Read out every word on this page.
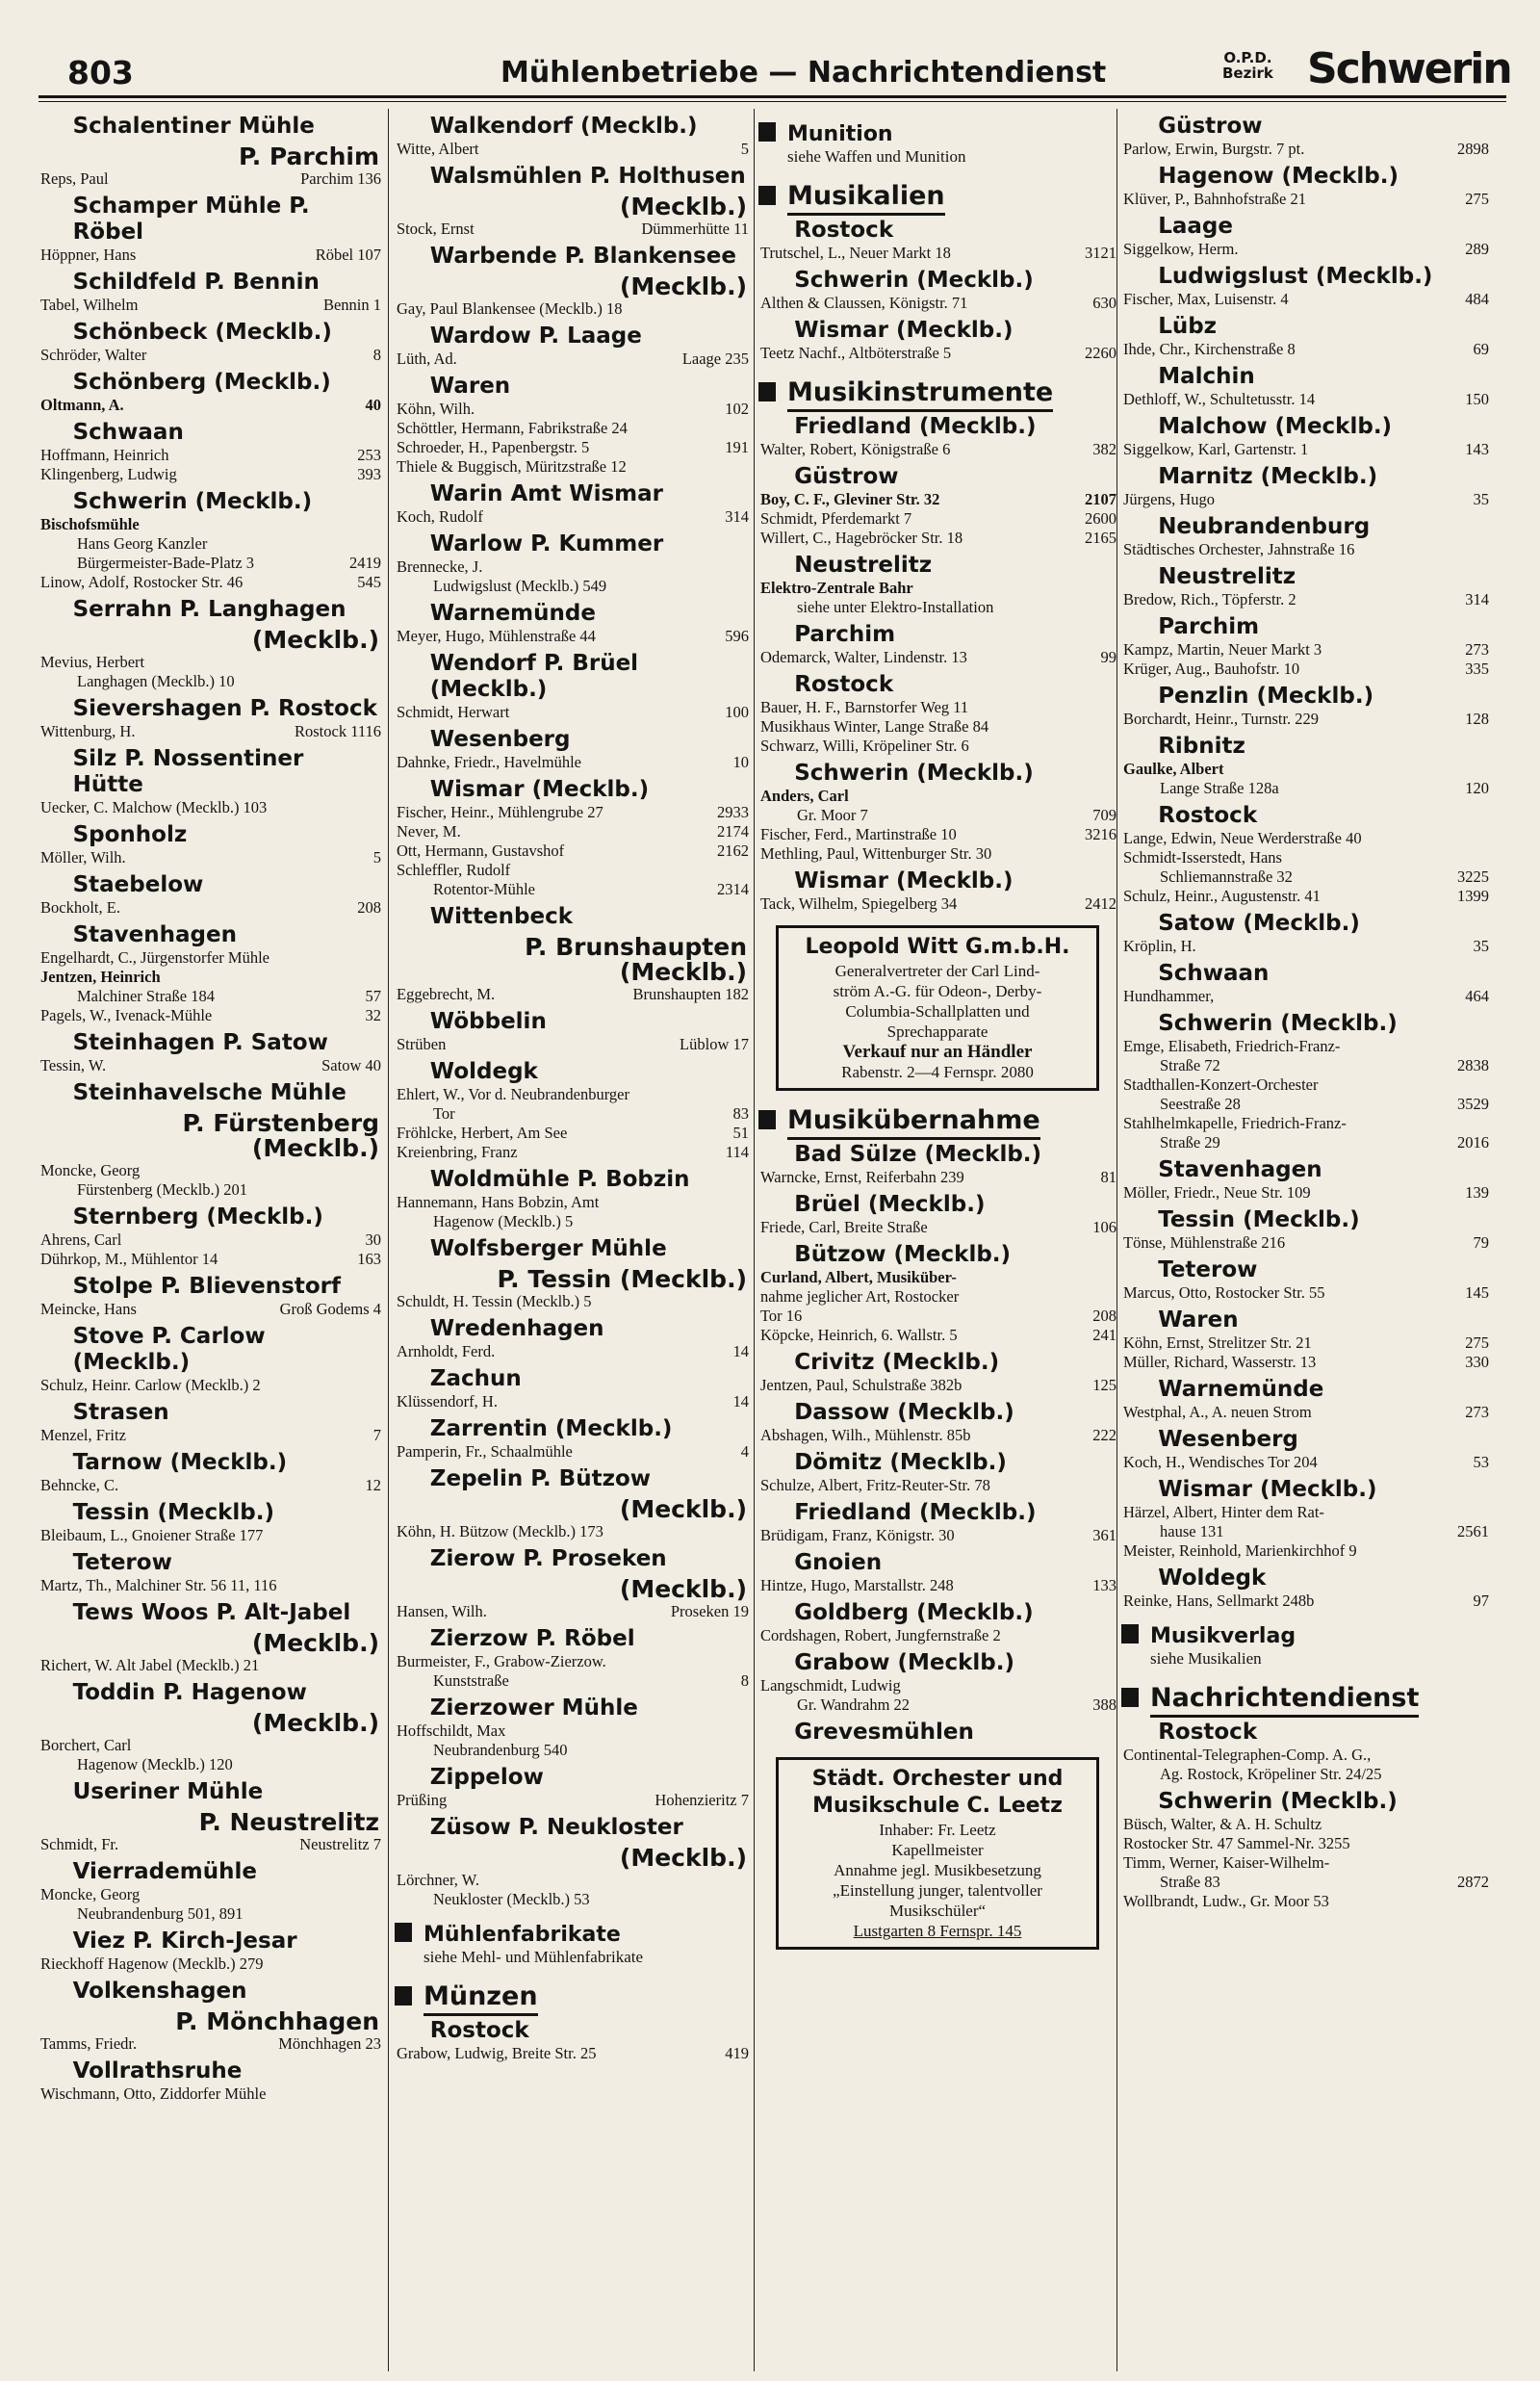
803	Mühlenbetriebe — Nachrichtendienst	O.P.D.
Bezirk Schwerin
Schalentiner Mühle
P. Parchim
Reps, Paul	Parchim 136
Schamper Mühle P. Röbel
Höppner, Hans	Röbel 107
Schildfeld P. Bennin
Tabel, Wilhelm	Bennin 1
Schönbeck (Mecklb.)
Schröder, Walter	8
Schönberg (Mecklb.)
Oltmann, A.	40
Schwaan
Hoffmann, Heinrich	253
Klingenberg, Ludwig	393
Schwerin (Mecklb.)
Bischofsmühle
Hans Georg Kanzler
Bürgermeister-Bade-Platz 3	2419
Linow, Adolf, Rostocker Str. 46	545
Serrahn P. Langhagen
(Mecklb.)
Mevius, Herbert
Langhagen (Mecklb.) 10
Sievershagen P. Rostock
Wittenburg, H.	Rostock 1116
Silz P. Nossentiner Hütte
Uecker, C. Malchow (Mecklb.) 103
Sponholz
Möller, Wilh.	5
Staebelow
Bockholt, E.	208
Stavenhagen
Engelhardt, C., Jürgenstorfer Mühle
Jentzen, Heinrich
Malchiner Straße 184	57
Pagels, W., Ivenack-Mühle	32
Steinhagen P. Satow
Tessin, W.	Satow 40
Steinhavelsche Mühle
P. Fürstenberg (Mecklb.)
Moncke, Georg
Fürstenberg (Mecklb.) 201
Sternberg (Mecklb.)
Ahrens, Carl	30
Dührkop, M., Mühlentor 14	163
Stolpe P. Blievenstorf
Meincke, Hans	Groß Godems 4
Stove P. Carlow (Mecklb.)
Schulz, Heinr. Carlow (Mecklb.) 2
Strasen
Menzel, Fritz	7
Tarnow (Mecklb.)
Behncke, C.	12
Tessin (Mecklb.)
Bleibaum, L., Gnoiener Straße 177
Teterow
Martz, Th., Malchiner Str. 56 11, 116
Tews Woos P. Alt-Jabel
(Mecklb.)
Richert, W. Alt Jabel (Mecklb.) 21
Toddin P. Hagenow
(Mecklb.)
Borchert, Carl
Hagenow (Mecklb.) 120
Useriner Mühle
P. Neustrelitz
Schmidt, Fr.	Neustrelitz 7
Vierrademühle
Moncke, Georg
Neubrandenburg 501, 891
Viez P. Kirch-Jesar
Rieckhoff Hagenow (Mecklb.) 279
Volkenshagen
P. Mönchhagen
Tamms, Friedr.	Mönchhagen 23
Vollrathsruhe
Wischmann, Otto, Ziddorfer Mühle
Walkendorf (Mecklb.)
Witte, Albert	5
Walsmühlen P. Holthusen
(Mecklb.)
Stock, Ernst	Dümmerhütte 11
Warbende P. Blankensee
(Mecklb.)
Gay, Paul Blankensee (Mecklb.) 18
Wardow P. Laage
Lüth, Ad.	Laage 235
Waren
Köhn, Wilh.	102
Schöttler, Hermann, Fabrikstraße 24
Schroeder, H., Papenbergstr. 5	191
Thiele & Buggisch, Müritzstraße 12
Warin Amt Wismar
Koch, Rudolf	314
Warlow P. Kummer
Brennecke, J.
Ludwigslust (Mecklb.) 549
Warnemünde
Meyer, Hugo, Mühlenstraße 44	596
Wendorf P. Brüel (Mecklb.)
Schmidt, Herwart	100
Wesenberg
Dahnke, Friedr., Havelmühle	10
Wismar (Mecklb.)
Fischer, Heinr., Mühlengrube 27	2933
Never, M.	2174
Ott, Hermann, Gustavshof	2162
Schleffler, Rudolf
Rotentor-Mühle	2314
Wittenbeck
P. Brunshaupten (Mecklb.)
Eggebrecht, M.	Brunshaupten 182
Wöbbelin
Strüben	Lüblow 17
Woldegk
Ehlert, W., Vor d. Neubrandenburger
Tor	83
Fröhlcke, Herbert, Am See	51
Kreienbring, Franz	114
Woldmühle P. Bobzin
Hannemann, Hans Bobzin, Amt
Hagenow (Mecklb.) 5
Wolfsberger Mühle
P. Tessin (Mecklb.)
Schuldt, H. Tessin (Mecklb.) 5
Wredenhagen
Arnholdt, Ferd.	14
Zachun
Klüssendorf, H.	14
Zarrentin (Mecklb.)
Pamperin, Fr., Schaalmühle	4
Zepelin P. Bützow
(Mecklb.)
Köhn, H. Bützow (Mecklb.) 173
Zierow P. Proseken
(Mecklb.)
Hansen, Wilh.	Proseken 19
Zierzow P. Röbel
Burmeister, F., Grabow-Zierzow.
Kunststraße	8
Zierzower Mühle
Hoffschildt, Max
Neubrandenburg 540
Zippelow
Prüßing	Hohenzieritz 7
Züsow P. Neukloster
(Mecklb.)
Lörchner, W.
Neukloster (Mecklb.) 53
Mühlenfabrikate
siehe Mehl- und Mühlenfabrikate
Münzen
Rostock
Grabow, Ludwig, Breite Str. 25	419
Munition
siehe Waffen und Munition
Musikalien
Rostock
Trutschel, L., Neuer Markt 18	3121
Schwerin (Mecklb.)
Althen & Claussen, Königstr. 71	630
Wismar (Mecklb.)
Teetz Nachf., Altböterstraße 5	2260
Musikinstrumente
Friedland (Mecklb.)
Walter, Robert, Königstraße 6	382
Güstrow
Boy, C. F., Gleviner Str. 32	2107
Schmidt, Pferdemarkt 7	2600
Willert, C., Hagebröcker Str. 18	2165
Neustrelitz
Elektro-Zentrale Bahr
siehe unter Elektro-Installation
Parchim
Odemarck, Walter, Lindenstr. 13	99
Rostock
Bauer, H. F., Barnstorfer Weg 11
Musikhaus Winter, Lange Straße 84
Schwarz, Willi, Kröpeliner Str. 6
Schwerin (Mecklb.)
Anders, Carl
Gr. Moor 7	709
Fischer, Ferd., Martinstraße 10	3216
Methling, Paul, Wittenburger Str. 30
Wismar (Mecklb.)
Tack, Wilhelm, Spiegelberg 34	2412
Leopold Witt G.m.b.H.
Generalvertreter der Carl Lind-
ström A.-G. für Odeon-, Derby-
Columbia-Schallplatten und
Sprechapparate
Verkauf nur an Händler
Rabenstr. 2—4 Fernspr. 2080
Musikübernahme
Bad Sülze (Mecklb.)
Warncke, Ernst, Reiferbahn 239	81
Brüel (Mecklb.)
Friede, Carl, Breite Straße	106
Bützow (Mecklb.)
Curland, Albert, Musiküber-
nahme jeglicher Art, Rostocker
Tor 16	208
Köpcke, Heinrich, 6. Wallstr. 5	241
Crivitz (Mecklb.)
Jentzen, Paul, Schulstraße 382b	125
Dassow (Mecklb.)
Abshagen, Wilh., Mühlenstr. 85b	222
Dömitz (Mecklb.)
Schulze, Albert, Fritz-Reuter-Str. 78
Friedland (Mecklb.)
Brüdigam, Franz, Königstr. 30	361
Gnoien
Hintze, Hugo, Marstallstr. 248	133
Goldberg (Mecklb.)
Cordshagen, Robert, Jungfernstraße 2
Grabow (Mecklb.)
Langschmidt, Ludwig
Gr. Wandrahm 22	388
Grevesmühlen
Städt. Orchester und
Musikschule C. Leetz
Inhaber: Fr. Leetz
Kapellmeister
Annahme jegl. Musikbesetzung
„Einstellung junger, talentvoller
Musikschüler“
Lustgarten 8 Fernspr. 145
Güstrow
Parlow, Erwin, Burgstr. 7 pt.	2898
Hagenow (Mecklb.)
Klüver, P., Bahnhofstraße 21	275
Laage
Siggelkow, Herm.	289
Ludwigslust (Mecklb.)
Fischer, Max, Luisenstr. 4	484
Lübz
Ihde, Chr., Kirchenstraße 8	69
Malchin
Dethloff, W., Schultetusstr. 14	150
Malchow (Mecklb.)
Siggelkow, Karl, Gartenstr. 1	143
Marnitz (Mecklb.)
Jürgens, Hugo	35
Neubrandenburg
Städtisches Orchester, Jahnstraße 16
Neustrelitz
Bredow, Rich., Töpferstr. 2	314
Parchim
Kampz, Martin, Neuer Markt 3	273
Krüger, Aug., Bauhofstr. 10	335
Penzlin (Mecklb.)
Borchardt, Heinr., Turnstr. 229	128
Ribnitz
Gaulke, Albert
Lange Straße 128a	120
Rostock
Lange, Edwin, Neue Werderstraße 40
Schmidt-Isserstedt, Hans
Schliemannstraße 32	3225
Schulz, Heinr., Augustenstr. 41	1399
Satow (Mecklb.)
Kröplin, H.	35
Schwaan
Hundhammer,	464
Schwerin (Mecklb.)
Emge, Elisabeth, Friedrich-Franz-
Straße 72	2838
Stadthallen-Konzert-Orchester
Seestraße 28	3529
Stahlhelmkapelle, Friedrich-Franz-
Straße 29	2016
Stavenhagen
Möller, Friedr., Neue Str. 109	139
Tessin (Mecklb.)
Tönse, Mühlenstraße 216	79
Teterow
Marcus, Otto, Rostocker Str. 55	145
Waren
Köhn, Ernst, Strelitzer Str. 21	275
Müller, Richard, Wasserstr. 13	330
Warnemünde
Westphal, A., A. neuen Strom	273
Wesenberg
Koch, H., Wendisches Tor 204	53
Wismar (Mecklb.)
Härzel, Albert, Hinter dem Rat-
hause 131	2561
Meister, Reinhold, Marienkirchhof 9
Woldegk
Reinke, Hans, Sellmarkt 248b	97
Musikverlag
siehe Musikalien
Nachrichtendienst
Rostock
Continental-Telegraphen-Comp. A. G.,
Ag. Rostock, Kröpeliner Str. 24/25
Schwerin (Mecklb.)
Büsch, Walter, & A. H. Schultz
Rostocker Str. 47 Sammel-Nr. 3255
Timm, Werner, Kaiser-Wilhelm-
Straße 83	2872
Wollbrandt, Ludw., Gr. Moor 53
